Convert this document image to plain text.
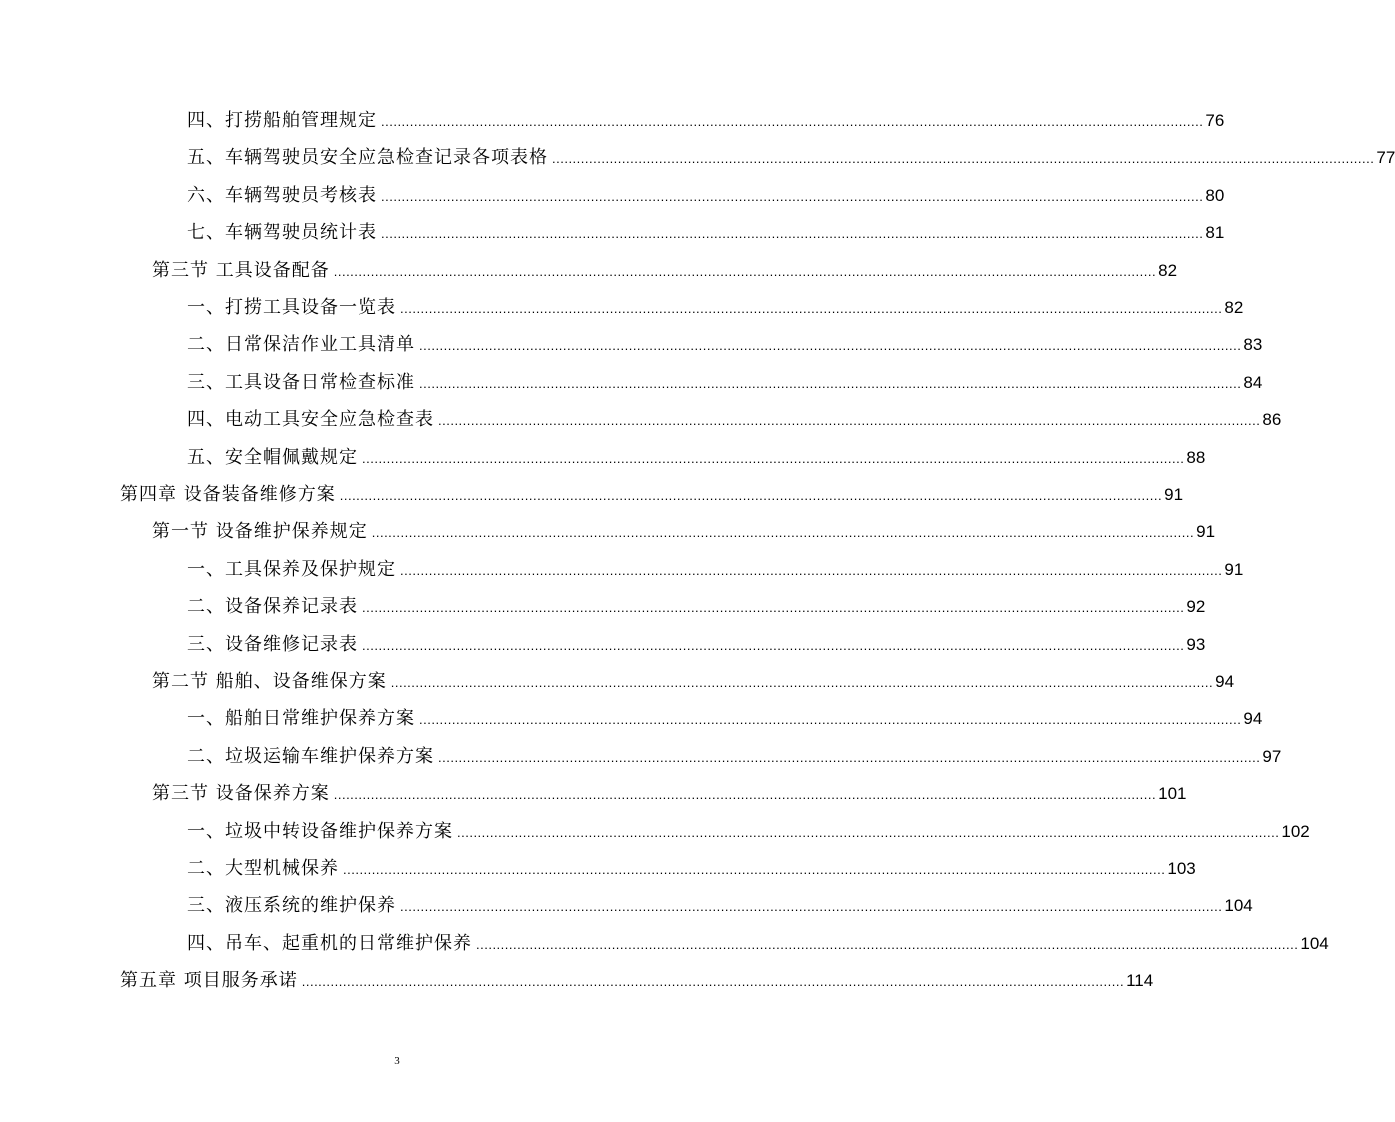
四、打捞船舶管理规定 ........................................................................................................................................................................................................ 76
五、车辆驾驶员安全应急检查记录各项表格 ........................................................................................................................................................................................................ 77
六、车辆驾驶员考核表 ........................................................................................................................................................................................................ 80
七、车辆驾驶员统计表 ........................................................................................................................................................................................................ 81
第三节 工具设备配备 ........................................................................................................................................................................................................ 82
一、打捞工具设备一览表 ........................................................................................................................................................................................................ 82
二、日常保洁作业工具清单 ........................................................................................................................................................................................................ 83
三、工具设备日常检查标准 ........................................................................................................................................................................................................ 84
四、电动工具安全应急检查表 ........................................................................................................................................................................................................ 86
五、安全帽佩戴规定 ........................................................................................................................................................................................................ 88
第四章 设备装备维修方案 ........................................................................................................................................................................................................ 91
第一节 设备维护保养规定 ........................................................................................................................................................................................................ 91
一、工具保养及保护规定 ........................................................................................................................................................................................................ 91
二、设备保养记录表 ........................................................................................................................................................................................................ 92
三、设备维修记录表 ........................................................................................................................................................................................................ 93
第二节 船舶、设备维保方案 ........................................................................................................................................................................................................ 94
一、船舶日常维护保养方案 ........................................................................................................................................................................................................ 94
二、垃圾运输车维护保养方案 ........................................................................................................................................................................................................ 97
第三节 设备保养方案 ........................................................................................................................................................................................................ 101
一、垃圾中转设备维护保养方案 ........................................................................................................................................................................................................ 102
二、大型机械保养 ........................................................................................................................................................................................................ 103
三、液压系统的维护保养 ........................................................................................................................................................................................................ 104
四、吊车、起重机的日常维护保养 ........................................................................................................................................................................................................ 104
第五章 项目服务承诺 ........................................................................................................................................................................................................ 114
3
